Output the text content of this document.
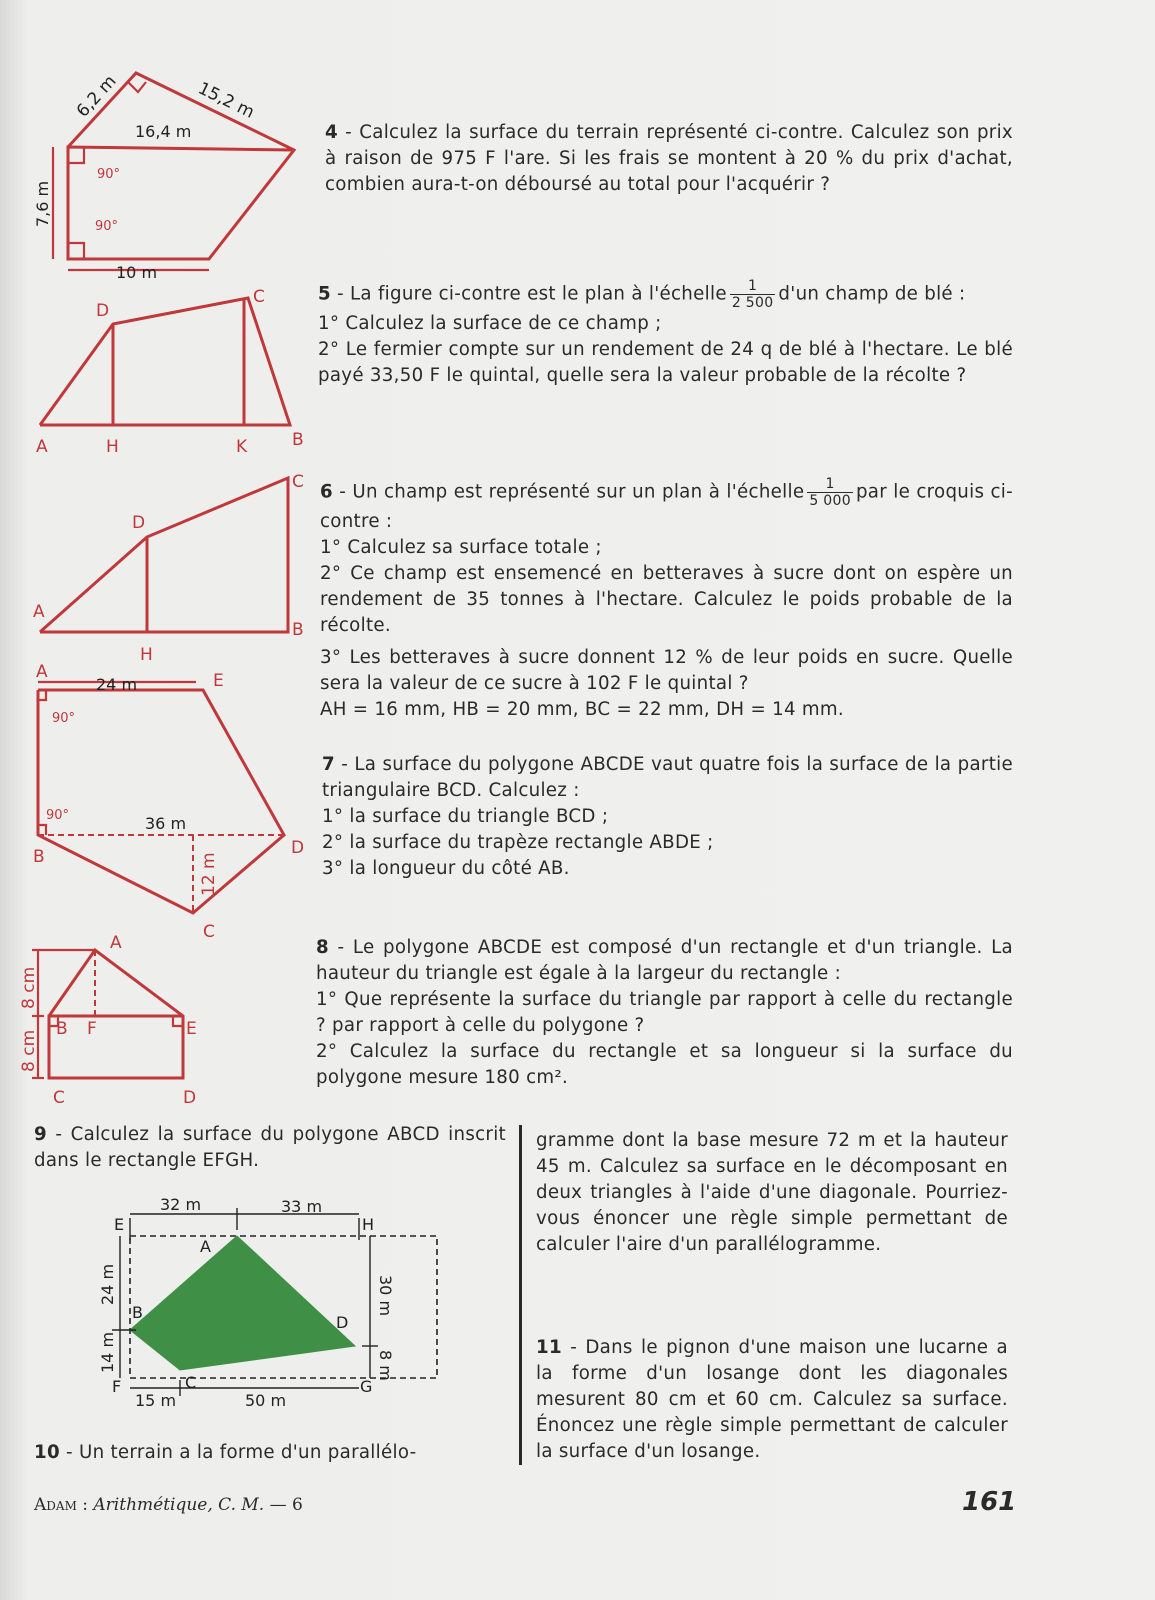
6,2 m	15,2 m
16,4 m
90°
7,6 m	90°
10 m

4 - Calculez la surface du terrain représenté ci-contre. Calculez son prix à raison de 975 F l'are. Si les frais se montent à 20 % du prix d'achat, combien aura-t-on déboursé au total pour l'acquérir ?

D
C
A	H	K	B

5 - La figure ci-contre est le plan à l'échelle $\frac{1}{2 500} d'un$ champ de blé :

1° Calculez la surface de ce champ ;

2° Le fermier compte sur un rendement de 24 q de blé à l'hectare. Le blé payé 33,50 F le quintal, quelle sera la valeur probable de la récolte ?

C
D
A
B
H

6 - Un champ est représenté sur un plan à l'échelle $\frac{1}{5 000}$ par le croquis ci-contre :

1° Calculez sa surface totale ;

2° Ce champ est ensemencé en betteraves à sucre dont on espère un rendement de 35 tonnes à l'hectare. Calculez le poids probable de la récolte.

3° Les betteraves à sucre donnent 12 % de leur poids en sucre. Quelle sera la valeur de ce sucre à 102 F le quintal ?

AH = 16 mm, HB = 20 mm, BC = 22 mm, DH = 14 mm.

A	E
24 m
90°
90°	36 m
B	D
12 m
C

7 - La surface du polygone ABCDE vaut quatre fois la surface de la partie triangulaire BCD. Calculez :

1° la surface du triangle BCD ;

2° la surface du trapèze rectangle ABDE ;

3° la longueur du côté AB.

A
B F	E
C	D
8 cm
8 cm

8 - Le polygone ABCDE est composé d'un rectangle et d'un triangle. La hauteur du triangle est égale à la largeur du rectangle :

1° Que représente la surface du triangle par rapport à celle du rectangle ? par rapport à celle du polygone ?

2° Calculez la surface du rectangle et sa longueur si la surface du polygone mesure 180 cm².

9 - Calculez la surface du polygone ABCD inscrit dans le rectangle EFGH.

E	H
F	G
A
B
C
D
32 m	33 m
24 m
14 m
30 m
8 m
15 m	50 m

10 - Un terrain a la forme d'un parallélo-

gramme dont la base mesure 72 m et la hauteur 45 m. Calculez sa surface en le décomposant en deux triangles à l'aide d'une diagonale. Pourriez-vous énoncer une règle simple permettant de calculer l'aire d'un parallélogramme.

11 - Dans le pignon d'une maison une lucarne a la forme d'un losange dont les diagonales mesurent 80 cm et 60 cm. Calculez sa surface. Énoncez une règle simple permettant de calculer la surface d'un losange.

Adam : Arithmétique, C. M. — 6	161
